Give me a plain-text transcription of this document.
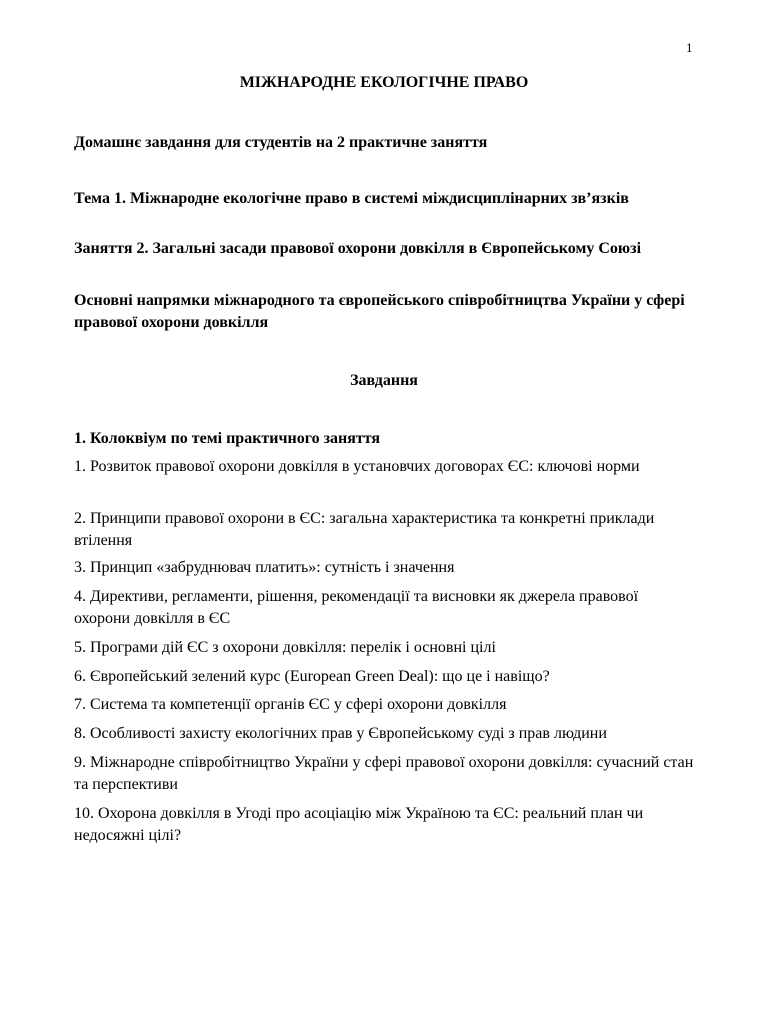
1
МІЖНАРОДНЕ ЕКОЛОГІЧНЕ ПРАВО
Домашнє завдання для студентів на 2 практичне заняття
Тема 1. Міжнародне екологічне право в системі міждисциплінарних зв’язків
Заняття 2. Загальні засади правової охорони довкілля в Європейському Союзі
Основні напрямки міжнародного та європейського співробітництва України у сфері правової охорони довкілля
Завдання
1. Колоквіум по темі практичного заняття
1. Розвиток правової охорони довкілля в установчих договорах ЄС: ключові норми
2. Принципи правової охорони в ЄС: загальна характеристика та конкретні приклади втілення
3. Принцип «забруднювач платить»: сутність і значення
4. Директиви, регламенти, рішення, рекомендації та висновки як джерела правової охорони довкілля в ЄС
5. Програми дій ЄС з охорони довкілля: перелік і основні цілі
6. Європейський зелений курс (European Green Deal): що це і навіщо?
7. Система та компетенції органів ЄС у сфері охорони довкілля
8. Особливості захисту екологічних прав у Європейському суді з прав людини
9. Міжнародне співробітництво України у сфері правової охорони довкілля: сучасний стан та перспективи
10. Охорона довкілля в Угоді про асоціацію між Україною та ЄС: реальний план чи недосяжні цілі?
